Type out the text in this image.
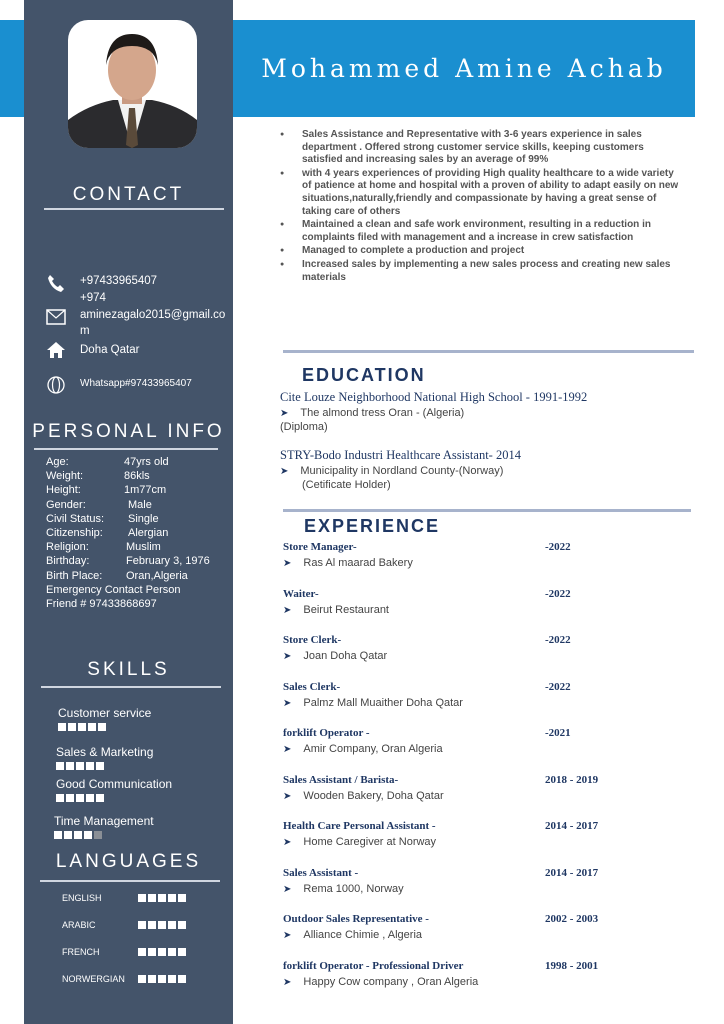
Mohammed Amine Achab
CONTACT
+97433965407
+974
aminezagalo2015@gmail.com
Doha Qatar
Whatsapp#97433965407
PERSONAL INFO
Age:	47yrs old
Weight:	86kls
Height:	1m77cm
Gender:	Male
Civil Status:	Single
Citizenship:	Alergian
Religion:	Muslim
Birthday:	February 3, 1976
Birth Place:	Oran,Algeria
Emergency Contact Person
Friend # 97433868697
SKILLS
Customer service
Sales & Marketing
Good Communication
Time Management
LANGUAGES
ENGLISH
ARABIC
FRENCH
NORWERGIAN
● Sales Assistance and Representative with 3-6 years experience in sales department . Offered strong customer service skills, keeping customers satisfied and increasing sales by an average of 99%
● with 4 years experiences of providing High quality healthcare to a wide variety of patience at home and hospital with a proven of ability to adapt easily on new situations,naturally,friendly and compassionate by having a great sense of taking care of others
● Maintained a clean and safe work environment, resulting in a reduction in complaints filed with management and a increase in crew satisfaction
● Managed to complete a production and project
● Increased sales by implementing a new sales process and creating new sales materials
EDUCATION
Cite Louze Neighborhood National High School - 1991-1992
➤ The almond tress Oran - (Algeria)
(Diploma)
STRY-Bodo Industri Healthcare Assistant- 2014
➤ Municipality in Nordland County-(Norway)
(Cetificate Holder)
EXPERIENCE
Store Manager-	-2022
➤ Ras Al maarad Bakery
Waiter-	-2022
➤ Beirut Restaurant
Store Clerk-	-2022
➤ Joan Doha Qatar
Sales Clerk-	-2022
➤ Palmz Mall Muaither Doha Qatar
forklift Operator -	-2021
➤ Amir Company, Oran Algeria
Sales Assistant / Barista-	2018 - 2019
➤ Wooden Bakery, Doha Qatar
Health Care Personal Assistant -	2014 - 2017
➤ Home Caregiver at Norway
Sales Assistant -	2014 - 2017
➤ Rema 1000, Norway
Outdoor Sales Representative -	2002 - 2003
➤ Alliance Chimie , Algeria
forklift Operator - Professional Driver	1998 - 2001
➤ Happy Cow company , Oran Algeria
